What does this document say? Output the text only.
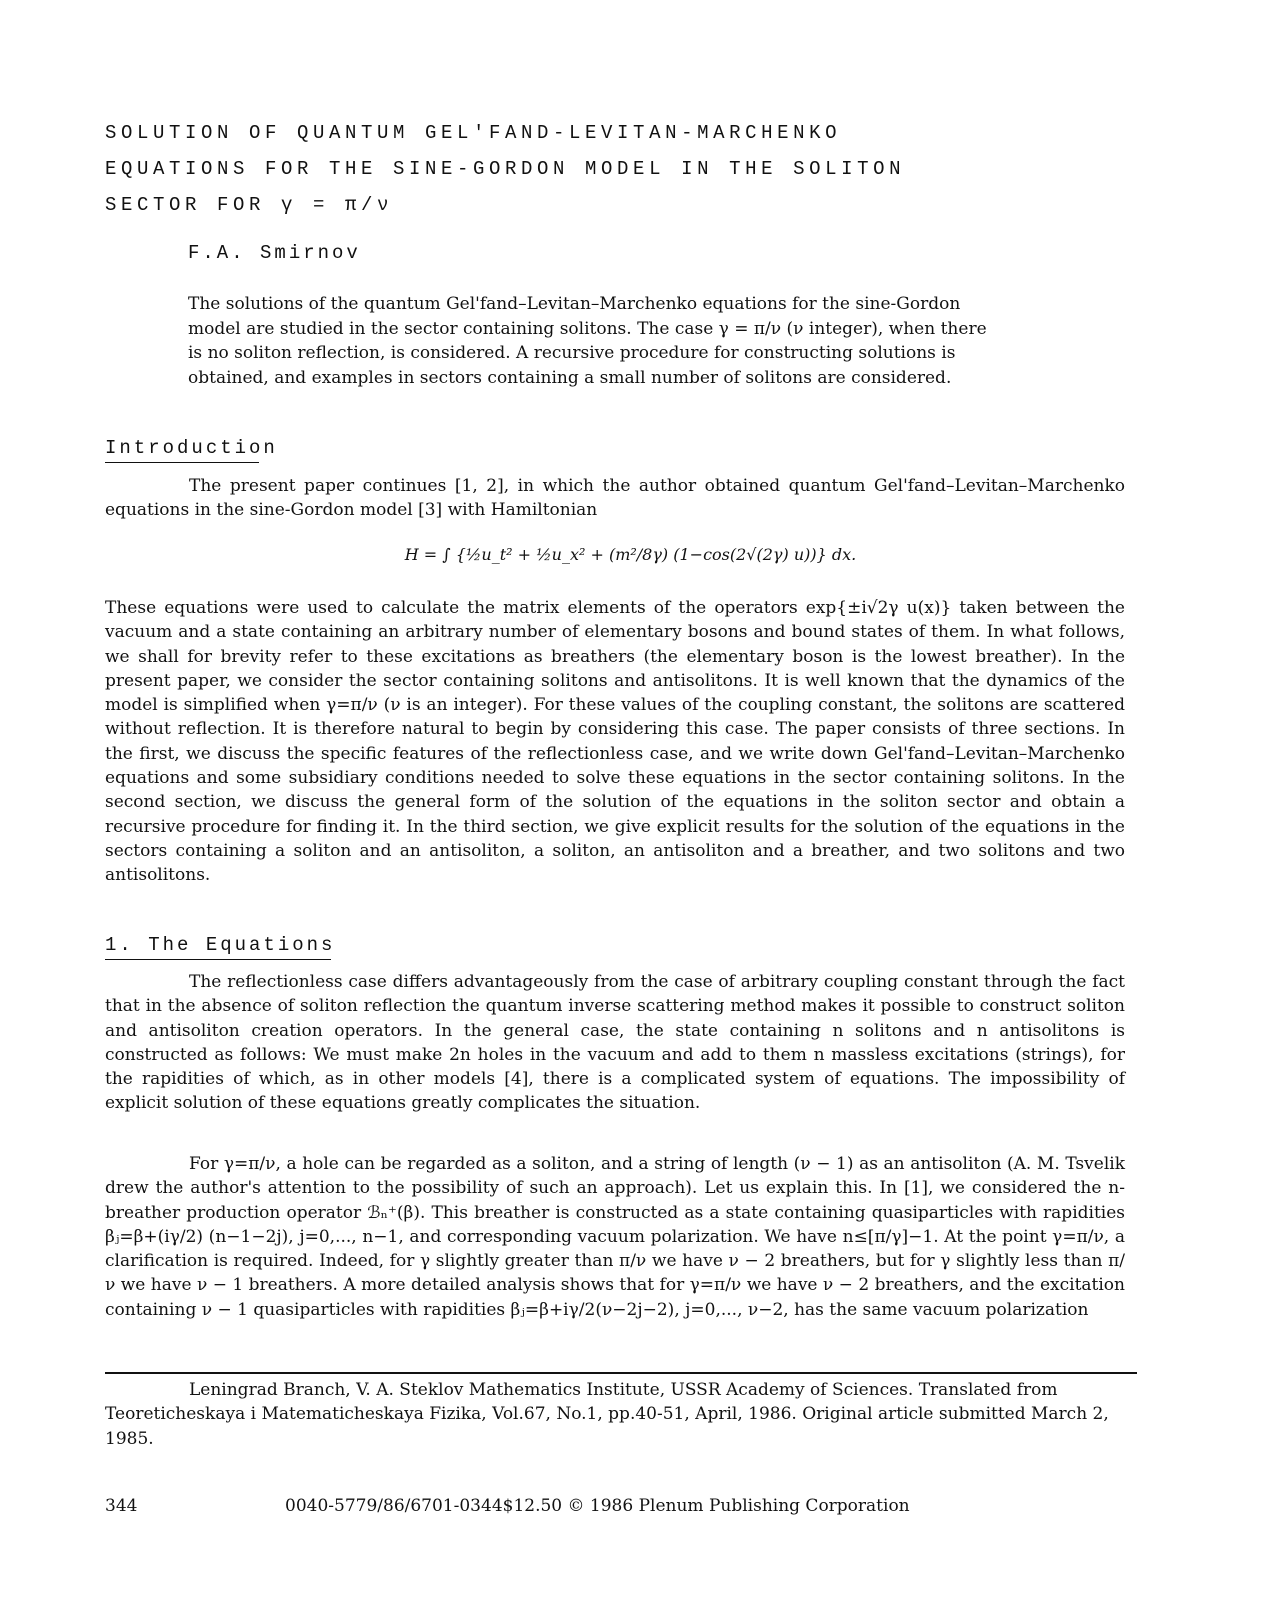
SOLUTION OF QUANTUM GEL'FAND-LEVITAN-MARCHENKO
EQUATIONS FOR THE SINE-GORDON MODEL IN THE SOLITON
SECTOR FOR γ = π/ν
F.A. Smirnov
The solutions of the quantum Gel'fand–Levitan–Marchenko equations for the sine-Gordon model are studied in the sector containing solitons. The case γ = π/ν (ν integer), when there is no soliton reflection, is considered. A recursive procedure for constructing solutions is obtained, and examples in sectors containing a small number of solitons are considered.
Introduction
The present paper continues [1, 2], in which the author obtained quantum Gel'fand–Levitan–Marchenko equations in the sine-Gordon model [3] with Hamiltonian
H = ∫ {½u_t² + ½u_x² + (m²/8γ) (1−cos(2√(2γ) u))} dx.
These equations were used to calculate the matrix elements of the operators exp{±i√2γ u(x)} taken between the vacuum and a state containing an arbitrary number of elementary bosons and bound states of them. In what follows, we shall for brevity refer to these excitations as breathers (the elementary boson is the lowest breather). In the present paper, we consider the sector containing solitons and antisolitons. It is well known that the dynamics of the model is simplified when γ=π/ν (ν is an integer). For these values of the coupling constant, the solitons are scattered without reflection. It is therefore natural to begin by considering this case. The paper consists of three sections. In the first, we discuss the specific features of the reflectionless case, and we write down Gel'fand–Levitan–Marchenko equations and some subsidiary conditions needed to solve these equations in the sector containing solitons. In the second section, we discuss the general form of the solution of the equations in the soliton sector and obtain a recursive procedure for finding it. In the third section, we give explicit results for the solution of the equations in the sectors containing a soliton and an antisoliton, a soliton, an antisoliton and a breather, and two solitons and two antisolitons.
1. The Equations
The reflectionless case differs advantageously from the case of arbitrary coupling constant through the fact that in the absence of soliton reflection the quantum inverse scattering method makes it possible to construct soliton and antisoliton creation operators. In the general case, the state containing n solitons and n antisolitons is constructed as follows: We must make 2n holes in the vacuum and add to them n massless excitations (strings), for the rapidities of which, as in other models [4], there is a complicated system of equations. The impossibility of explicit solution of these equations greatly complicates the situation.
For γ=π/ν, a hole can be regarded as a soliton, and a string of length (ν − 1) as an antisoliton (A. M. Tsvelik drew the author's attention to the possibility of such an approach). Let us explain this. In [1], we considered the n-breather production operator ℬₙ⁺(β). This breather is constructed as a state containing quasiparticles with rapidities βⱼ=β+(iγ/2) (n−1−2j), j=0,..., n−1, and corresponding vacuum polarization. We have n≤[π/γ]−1. At the point γ=π/ν, a clarification is required. Indeed, for γ slightly greater than π/ν we have ν − 2 breathers, but for γ slightly less than π/ν we have ν − 1 breathers. A more detailed analysis shows that for γ=π/ν we have ν − 2 breathers, and the excitation containing ν − 1 quasiparticles with rapidities βⱼ=β+iγ/2(ν−2j−2), j=0,..., ν−2, has the same vacuum polarization
Leningrad Branch, V. A. Steklov Mathematics Institute, USSR Academy of Sciences. Translated from Teoreticheskaya i Matematicheskaya Fizika, Vol.67, No.1, pp.40-51, April, 1986. Original article submitted March 2, 1985.
344	0040-5779/86/6701-0344$12.50 © 1986 Plenum Publishing Corporation
